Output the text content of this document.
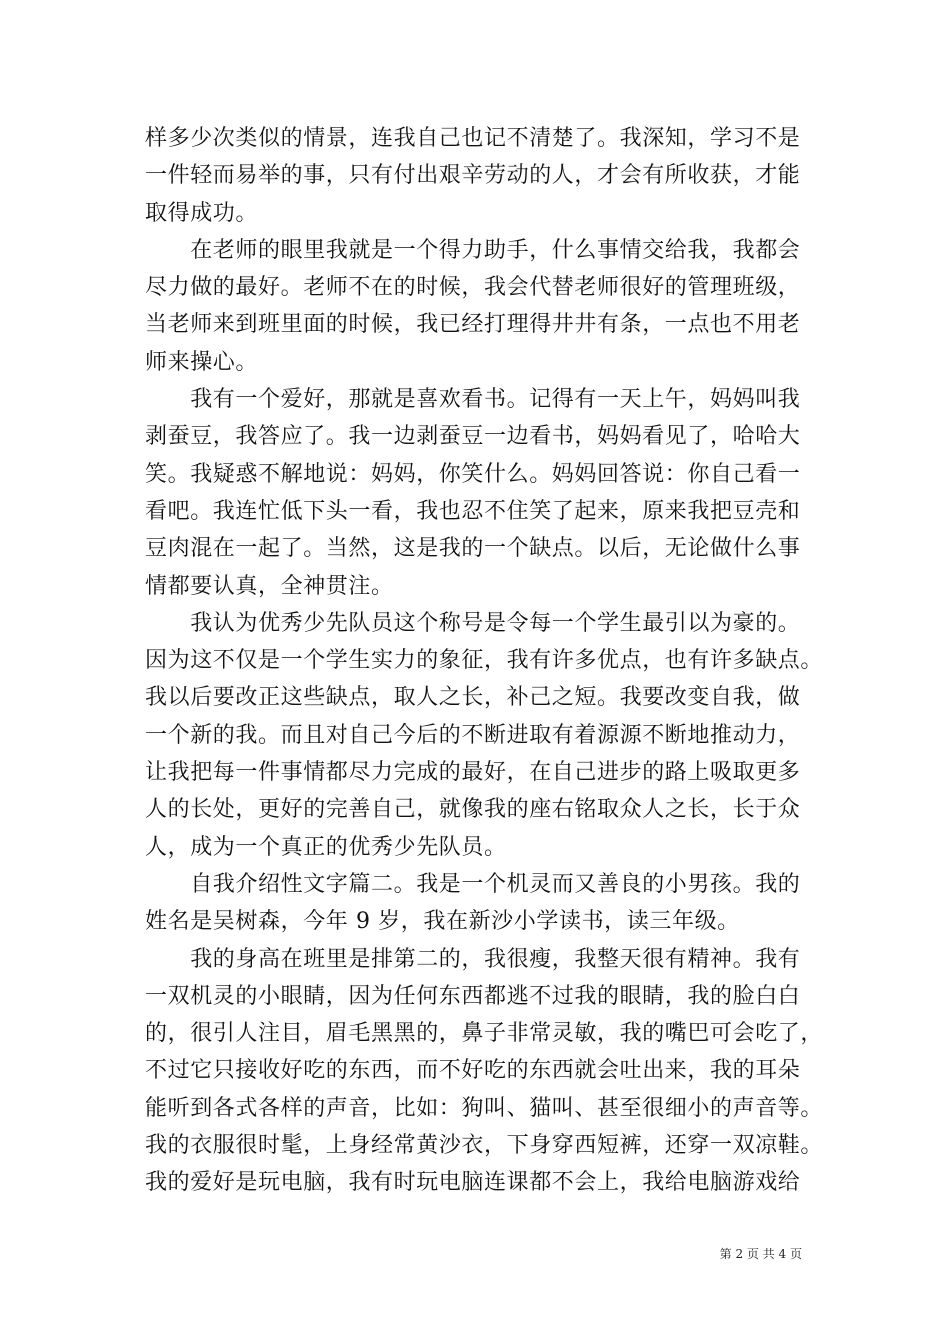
样多少次类似的情景，连我自己也记不清楚了。我深知，学习不是
一件轻而易举的事，只有付出艰辛劳动的人，才会有所收获，才能
取得成功。
　　在老师的眼里我就是一个得力助手，什么事情交给我，我都会
尽力做的最好。老师不在的时候，我会代替老师很好的管理班级，
当老师来到班里面的时候，我已经打理得井井有条，一点也不用老
师来操心。
　　我有一个爱好，那就是喜欢看书。记得有一天上午，妈妈叫我
剥蚕豆，我答应了。我一边剥蚕豆一边看书，妈妈看见了，哈哈大
笑。我疑惑不解地说：妈妈，你笑什么。妈妈回答说：你自己看一
看吧。我连忙低下头一看，我也忍不住笑了起来，原来我把豆壳和
豆肉混在一起了。当然，这是我的一个缺点。以后，无论做什么事
情都要认真，全神贯注。
　　我认为优秀少先队员这个称号是令每一个学生最引以为豪的。
因为这不仅是一个学生实力的象征，我有许多优点，也有许多缺点。
我以后要改正这些缺点，取人之长，补己之短。我要改变自我，做
一个新的我。而且对自己今后的不断进取有着源源不断地推动力，
让我把每一件事情都尽力完成的最好，在自己进步的路上吸取更多
人的长处，更好的完善自己，就像我的座右铭取众人之长，长于众
人，成为一个真正的优秀少先队员。
　　自我介绍性文字篇二。我是一个机灵而又善良的小男孩。我的
姓名是吴树森，今年 9 岁，我在新沙小学读书，读三年级。
　　我的身高在班里是排第二的，我很瘦，我整天很有精神。我有
一双机灵的小眼睛，因为任何东西都逃不过我的眼睛，我的脸白白
的，很引人注目，眉毛黑黑的，鼻子非常灵敏，我的嘴巴可会吃了，
不过它只接收好吃的东西，而不好吃的东西就会吐出来，我的耳朵
能听到各式各样的声音，比如：狗叫、猫叫、甚至很细小的声音等。
我的衣服很时髦，上身经常黄沙衣，下身穿西短裤，还穿一双凉鞋。
我的爱好是玩电脑，我有时玩电脑连课都不会上，我给电脑游戏给
第 2 页 共 4 页
